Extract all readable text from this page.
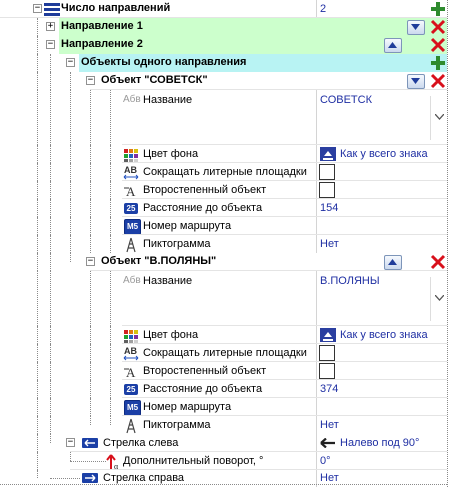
− Число направлений	2
+ Направление 1
− Направление 2
− Объекты одного направления
− Объект "СОВЕТСК"
Абв Название	СОВЕТСК
Цвет фона	Как у всего знака
AB Сокращать литерные площадки
A Второстепенный объект
25 Расстояние до объекта	154
M5 Номер маршрута
Пиктограмма	Нет
− Объект "В.ПОЛЯНЫ"
Абв Название	В.ПОЛЯНЫ
Цвет фона	Как у всего знака
AB Сокращать литерные площадки
A Второстепенный объект
25 Расстояние до объекта	374
M5 Номер маршрута
Пиктограмма	Нет
−	Стрелка слева	Налево под 90°
α Дополнительный поворот, °	0°
Стрелка справа	Нет
